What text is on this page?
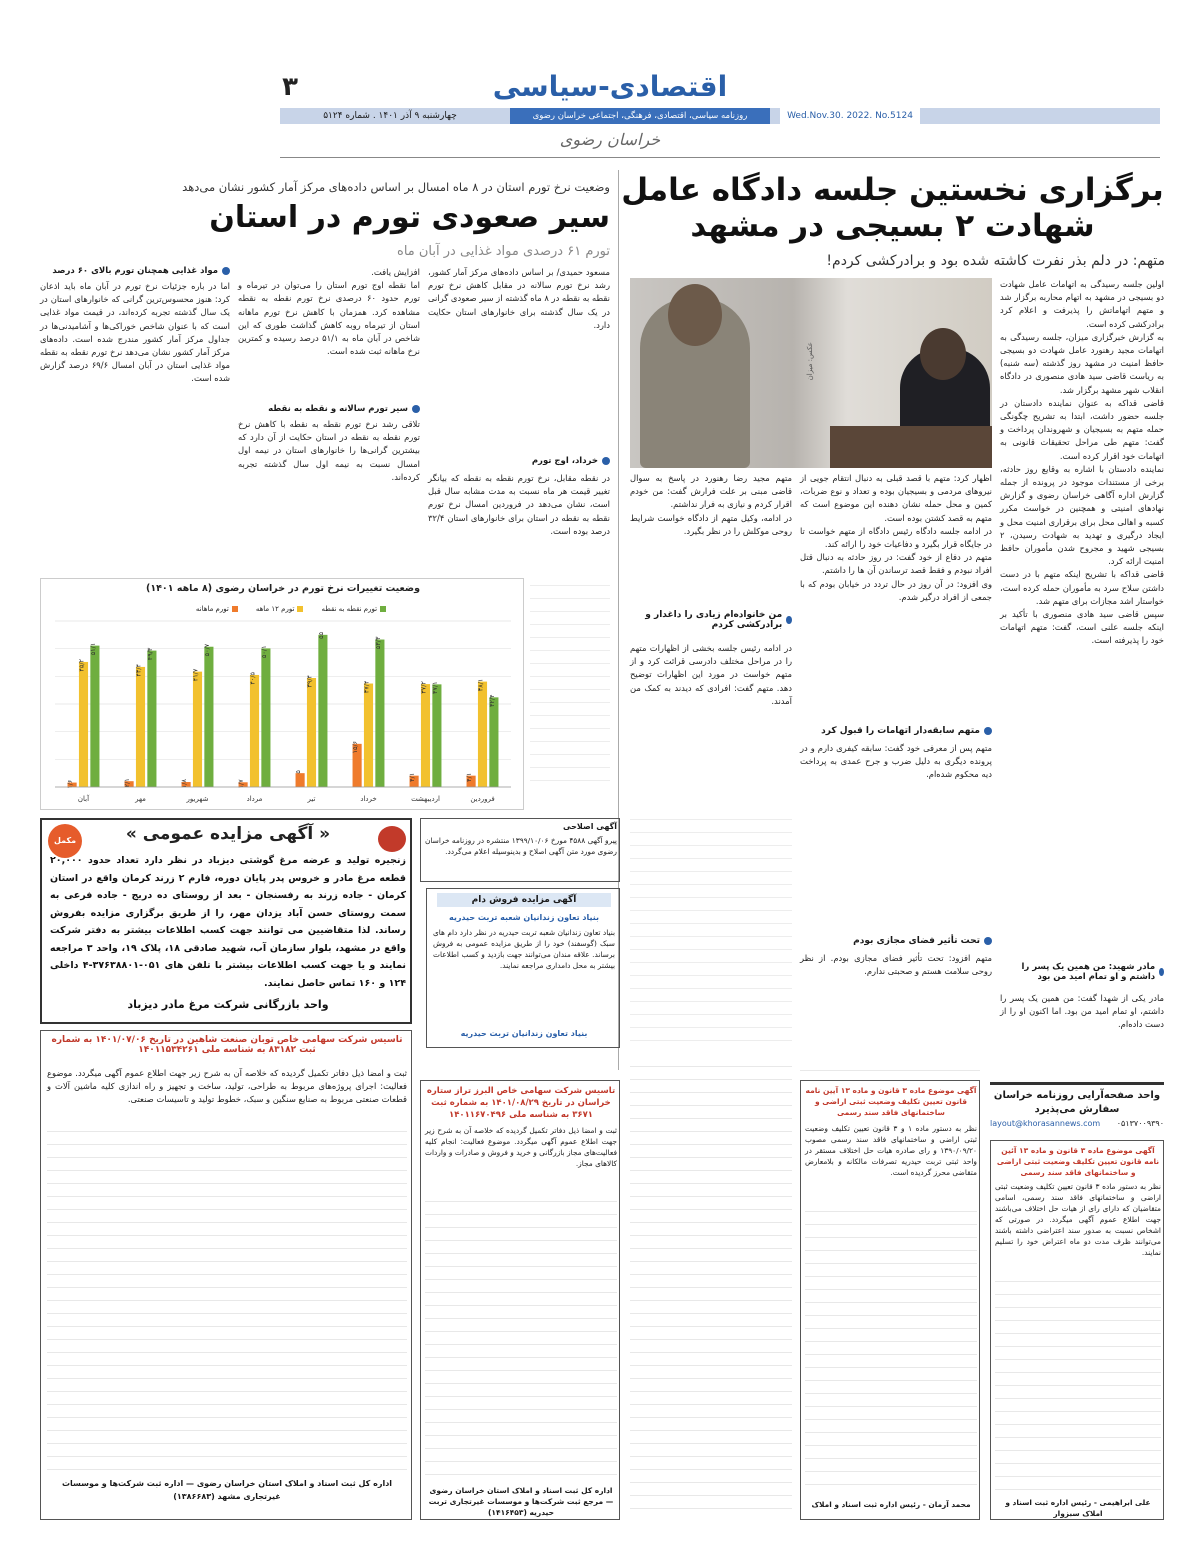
اقتصادی-سیاسی
۳
Wed.Nov.30. 2022. No.5124
روزنامه سیاسی، اقتصادی، فرهنگی، اجتماعی خراسان رضوی
چهارشنبه ۹ آذر ۱۴۰۱ . شماره ۵۱۲۴
خراسان رضوی
برگزاری نخستین جلسه دادگاه عامل شهادت ۲ بسیجی در مشهد
متهم: در دلم بذر نفرت کاشته شده بود و برادرکشی کردم!
عکس: میزان
اولین جلسه رسیدگی به اتهامات عامل شهادت دو بسیجی در مشهد به اتهام محاربه برگزار شد و متهم اتهاماتش را پذیرفت و اعلام کرد برادرکشی کرده است.
به گزارش خبرگزاری میزان، جلسه رسیدگی به اتهامات مجید رهنورد عامل شهادت دو بسیجی حافظ امنیت در مشهد روز گذشته (سه شنبه) به ریاست قاضی سید هادی منصوری در دادگاه انقلاب شهر مشهد برگزار شد.
قاضی قداکه به عنوان نماینده دادستان در جلسه حضور داشت، ابتدا به تشریح چگونگی حمله متهم به بسیجیان و شهروندان پرداخت و گفت: متهم طی مراحل تحقیقات قانونی به اتهامات خود اقرار کرده است.
نماینده دادستان با اشاره به وقایع روز حادثه، برخی از مستندات موجود در پرونده از جمله گزارش اداره آگاهی خراسان رضوی و گزارش نهادهای امنیتی و همچنین در خواست مکرر کسبه و اهالی محل برای برقراری امنیت محل و ایجاد درگیری و تهدید به شهادت رسیدن، ۲ بسیجی شهید و مجروح شدن مأموران حافظ امنیت ارائه کرد.
قاضی قداکه با تشریح اینکه متهم با در دست داشتن سلاح سرد به مأموران حمله کرده است، خواستار اشد مجازات برای متهم شد.
سپس قاضی سید هادی منصوری با تأکید بر اینکه جلسه علنی است، گفت: متهم اتهامات خود را پذیرفته است.
اظهار کرد: متهم با قصد قبلی به دنبال انتقام جویی از نیروهای مردمی و بسیجیان بوده و تعداد و نوع ضربات، کمین و محل حمله نشان دهنده این موضوع است که متهم به قصد کشتن بوده است.
در ادامه جلسه دادگاه رئیس دادگاه از متهم خواست تا در جایگاه قرار بگیرد و دفاعیات خود را ارائه کند.
متهم در دفاع از خود گفت: در روز حادثه به دنبال قتل افراد نبودم و فقط قصد ترساندن آن ها را داشتم.
وی افزود: در آن روز در حال تردد در خیابان بودم که با جمعی از افراد درگیر شدم.
متهم مجید رضا رهنورد در پاسخ به سوال قاضی مبنی بر علت فرارش گفت: من خودم اقرار کردم و نیازی به فرار نداشتم.
در ادامه، وکیل متهم از دادگاه خواست شرایط روحی موکلش را در نظر بگیرد.
من خانواده‌ام زیادی را داغدار و برادرکشی کردم
در ادامه رئیس جلسه بخشی از اظهارات متهم را در مراحل مختلف دادرسی قرائت کرد و از متهم خواست در مورد این اظهارات توضیح دهد. متهم گفت: افرادی که دیدند به کمک من آمدند.
متهم سابقه‌دار اتهامات را قبول کرد
متهم پس از معرفی خود گفت: سابقه کیفری دارم و در پرونده دیگری به دلیل ضرب و جرح عمدی به پرداخت دیه محکوم شده‌ام.
تحت تأثیر فضای مجازی بودم
متهم افزود: تحت تأثیر فضای مجازی بودم. از نظر روحی سلامت هستم و صحبتی ندارم.	مادر شهید: من همین یک پسر را داشتم و او تمام امید من بود
مادر یکی از شهدا گفت: من همین یک پسر را داشتم، او تمام امید من بود. اما اکنون او را از دست داده‌ام.
وضعیت نرخ تورم استان در ۸ ماه امسال بر اساس داده‌های مرکز آمار کشور نشان می‌دهد
سیر صعودی تورم در استان
تورم ۶۱ درصدی مواد غذایی در آبان ماه
مواد غذایی همچنان تورم بالای ۶۰ درصد
اما در باره جزئیات نرخ تورم در آبان ماه باید اذعان کرد: هنوز محسوس‌ترین گرانی که خانوارهای استان در یک سال گذشته تجربه کرده‌اند، در قیمت مواد غذایی است که با عنوان شاخص خوراکی‌ها و آشامیدنی‌ها در جداول مرکز آمار کشور مندرج شده است. داده‌های مرکز آمار کشور نشان می‌دهد نرخ تورم نقطه به نقطه مواد غذایی استان در آبان امسال ۶۹/۶ درصد گزارش شده است.
افزایش یافت.
اما نقطه اوج تورم استان را می‌توان در تیرماه و تورم حدود ۶۰ درصدی نرخ تورم نقطه به نقطه مشاهده کرد. همزمان با کاهش نرخ تورم ماهانه استان از تیرماه روبه کاهش گذاشت طوری که این شاخص در آبان ماه به ۵۱/۱ درصد رسیده و کمترین نرخ ماهانه ثبت شده است.
سیر تورم سالانه و نقطه به نقطه
تلاقی رشد نرخ تورم نقطه به نقطه با کاهش نرخ تورم نقطه به نقطه در استان حکایت از آن دارد که بیشترین گرانی‌ها را خانوارهای استان در نیمه اول امسال نسبت به نیمه اول سال گذشته تجربه کرده‌اند.
مسعود حمیدی/ بر اساس داده‌های مرکز آمار کشور، رشد نرخ تورم سالانه در مقابل کاهش نرخ تورم نقطه به نقطه در ۸ ماه گذشته از سیر صعودی گرانی در یک سال گذشته برای خانوارهای استان حکایت دارد.
خرداد، اوج تورم
در نقطه مقابل، نرخ تورم نقطه به نقطه که بیانگر تغییر قیمت هر ماه نسبت به مدت مشابه سال قبل است، نشان می‌دهد در فروردین امسال نرخ تورم نقطه به نقطه در استان برای خانوارهای استان ۳۲/۴ درصد بوده است.
وضعیت تغییرات نرخ تورم در خراسان رضوی (۸ ماهه ۱۴۰۱)
تورم نقطه به نقطه
تورم ۱۲ ماهه
تورم ماهانه
۴/۱
۳۸/۱
۳۲/۴
فروردین
۴/۱
۳۷/۲ ۳۷/۱
اردیبهشت
۱۵/۶
۳۷/۴
۵۳/۳
خرداد
۵
۳۹/۴
۵۵
تیر
۱/۷
۴۰/۵
۵۰/۱
مرداد
۱/۸
۴۱/۷
۵۰/۷
شهریور
۲/۱
۴۳/۴
۴۹/۳
مهر
۱/۶
۴۵/۲
۵۱/۱
آبان
مکمل	« آگهی مزایده عمومی »
زنجیره تولید و عرضه مرغ گوشتی دیزباد در نظر دارد تعداد حدود ۲۰,۰۰۰ قطعه مرغ مادر و خروس پدر پایان دوره، فارم ۲ زرند کرمان واقع در استان کرمان - جاده زرند به رفسنجان - بعد از روستای ده دریج - جاده فرعی به سمت روستای حسن آباد یزدان مهر، را از طریق برگزاری مزایده بفروش رساند. لذا متقاضیین می توانند جهت کسب اطلاعات بیشتر به دفتر شرکت واقع در مشهد، بلوار سازمان آب، شهید صادقی ۱۸، پلاک ۱۹، واحد ۳ مراجعه نمایند و یا جهت کسب اطلاعات بیشتر با تلفن های ۰۵۱-۳۷۶۳۸۸۰۱-۴ داخلی ۱۲۴ و ۱۶۰ تماس حاصل نمایند.
واحد بازرگانی شرکت مرغ مادر دیزباد
آگهی اصلاحی
پیرو آگهی ۴۵۸۸ مورخ ۱۳۹۹/۱۰/۰۶ منتشره در روزنامه خراسان رضوی مورد متن آگهی اصلاح و بدینوسیله اعلام می‌گردد.
آگهی مزایده فروش دام
بنیاد تعاون زندانیان شعبه تربت حیدریه
بنیاد تعاون زندانیان شعبه تربت حیدریه در نظر دارد دام های سبک (گوسفند) خود را از طریق مزایده عمومی به فروش برساند. علاقه مندان می‌توانند جهت بازدید و کسب اطلاعات بیشتر به محل دامداری مراجعه نمایند.
بنیاد تعاون زندانیان تربت حیدریه
تاسیس شرکت سهامی خاص توبان صنعت شاهین در تاریخ ۱۴۰۱/۰۷/۰۶ به شماره ثبت ۸۳۱۸۲ به شناسه ملی ۱۴۰۱۱۵۳۴۲۶۱
ثبت و امضا ذیل دفاتر تکمیل گردیده که خلاصه آن به شرح زیر جهت اطلاع عموم آگهی میگردد. موضوع فعالیت: اجرای پروژه‌های مربوط به طراحی، تولید، ساخت و تجهیز و راه اندازی کلیه ماشین آلات و قطعات صنعتی مربوط به صنایع سنگین و سبک، خطوط تولید و تاسیسات صنعتی.
اداره کل ثبت اسناد و املاک استان خراسان رضوی — اداره ثبت شرکت‌ها و موسسات غیرتجاری مشهد (۱۳۸۶۶۸۳)
تاسیس شرکت سهامی خاص البرز تراز ستاره خراسان در تاریخ ۱۴۰۱/۰۸/۲۹ به شماره ثبت ۳۶۷۱ به شناسه ملی ۱۴۰۱۱۶۷۰۴۹۶
ثبت و امضا ذیل دفاتر تکمیل گردیده که خلاصه آن به شرح زیر جهت اطلاع عموم آگهی میگردد. موضوع فعالیت: انجام کلیه فعالیت‌های مجاز بازرگانی و خرید و فروش و صادرات و واردات کالاهای مجاز.
اداره کل ثبت اسناد و املاک استان خراسان رضوی — مرجع ثبت شرکت‌ها و موسسات غیرتجاری تربت حیدریه (۱۴۱۶۴۵۳)
آگهی موضوع ماده ۳ قانون و ماده ۱۳ آیین نامه قانون تعیین تکلیف وضعیت ثبتی اراضی و ساختمانهای فاقد سند رسمی
نظر به دستور ماده ۱ و ۳ قانون تعیین تکلیف وضعیت ثبتی اراضی و ساختمانهای فاقد سند رسمی مصوب ۱۳۹۰/۰۹/۲۰ و رای صادره هیات حل اختلاف مستقر در واحد ثبتی تربت حیدریه تصرفات مالکانه و بلامعارض متقاضی محرز گردیده است.
محمد آرمان - رئیس اداره ثبت اسناد و املاک
واحد صفحه‌آرایی روزنامه خراسان سفارش می‌پذیرد
layout@khorasannews.com ۰۵۱۳۷۰۰۹۳۹۰
آگهی موضوع ماده ۳ قانون و ماده ۱۳ آئین نامه قانون تعیین تکلیف وضعیت ثبتی اراضی و ساختمانهای فاقد سند رسمی
نظر به دستور ماده ۳ قانون تعیین تکلیف وضعیت ثبتی اراضی و ساختمانهای فاقد سند رسمی، اسامی متقاضیان که دارای رای از هیات حل اختلاف می‌باشند جهت اطلاع عموم آگهی میگردد. در صورتی که اشخاص نسبت به صدور سند اعتراضی داشته باشند می‌توانند ظرف مدت دو ماه اعتراض خود را تسلیم نمایند.
علی ابراهیمی - رئیس اداره ثبت اسناد و املاک سبزوار
